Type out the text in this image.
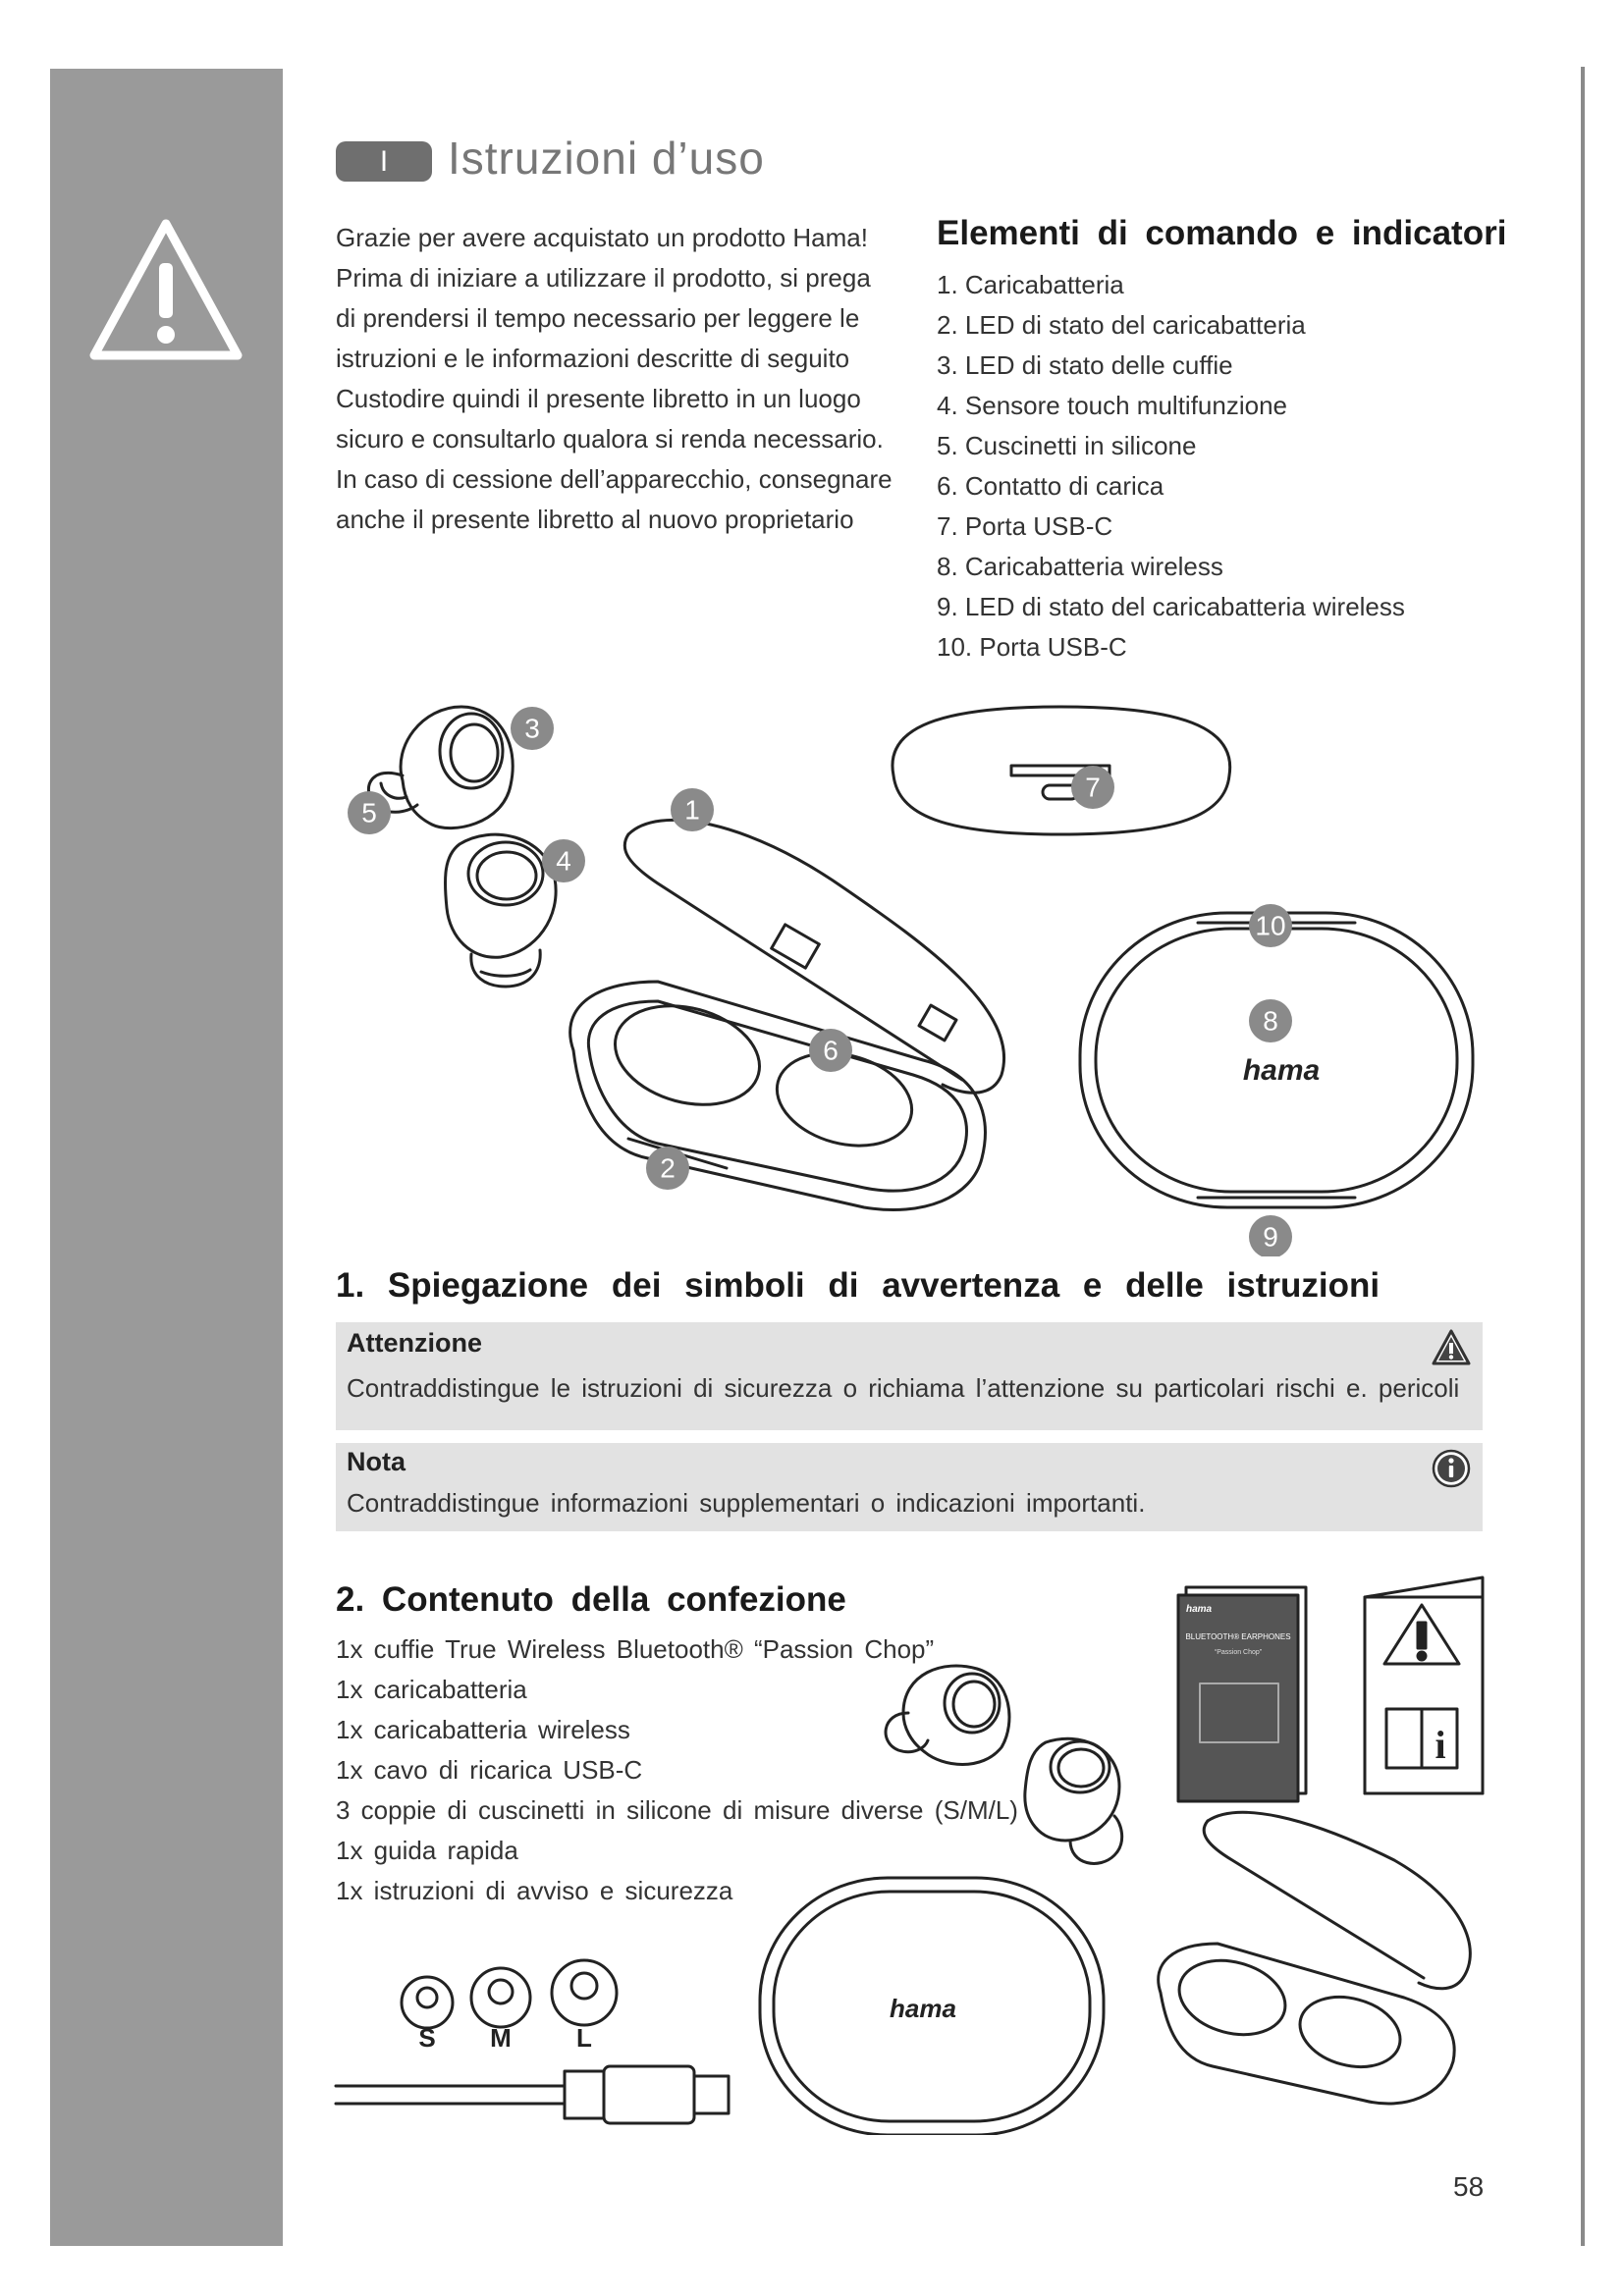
I	Istruzioni d’uso

Grazie per avere acquistato un prodotto Hama!
Prima di iniziare a utilizzare il prodotto, si prega
di prendersi il tempo necessario per leggere le
istruzioni e le informazioni descritte di seguito
Custodire quindi il presente libretto in un luogo
sicuro e consultarlo qualora si renda necessario.
In caso di cessione dell’apparecchio, consegnare
anche il presente libretto al nuovo proprietario

Elementi di comando e indicatori
1. Caricabatteria
2. LED di stato del caricabatteria
3. LED di stato delle cuffie
4. Sensore touch multifunzione
5. Cuscinetti in silicone
6. Contatto di carica
7. Porta USB-C
8. Caricabatteria wireless
9. LED di stato del caricabatteria wireless
10. Porta USB-C
hama
1
2
3
4
5
6
7
8
9
10
1. Spiegazione dei simboli di avvertenza e delle istruzioni
Attenzione
Contraddistingue le istruzioni di sicurezza o richiama l’attenzione su particolari rischi e. pericoli
Nota
Contraddistingue informazioni supplementari o indicazioni importanti.
2. Contenuto della confezione
1x cuffie True Wireless Bluetooth® “Passion Chop”
1x caricabatteria
1x caricabatteria wireless
1x cavo di ricarica USB-C
3 coppie di cuscinetti in silicone di misure diverse (S/M/L)
1x guida rapida
1x istruzioni di avviso e sicurezza
hama
BLUETOOTH® EARPHONES
“Passion Chop”
i
S M	L
hama
58
